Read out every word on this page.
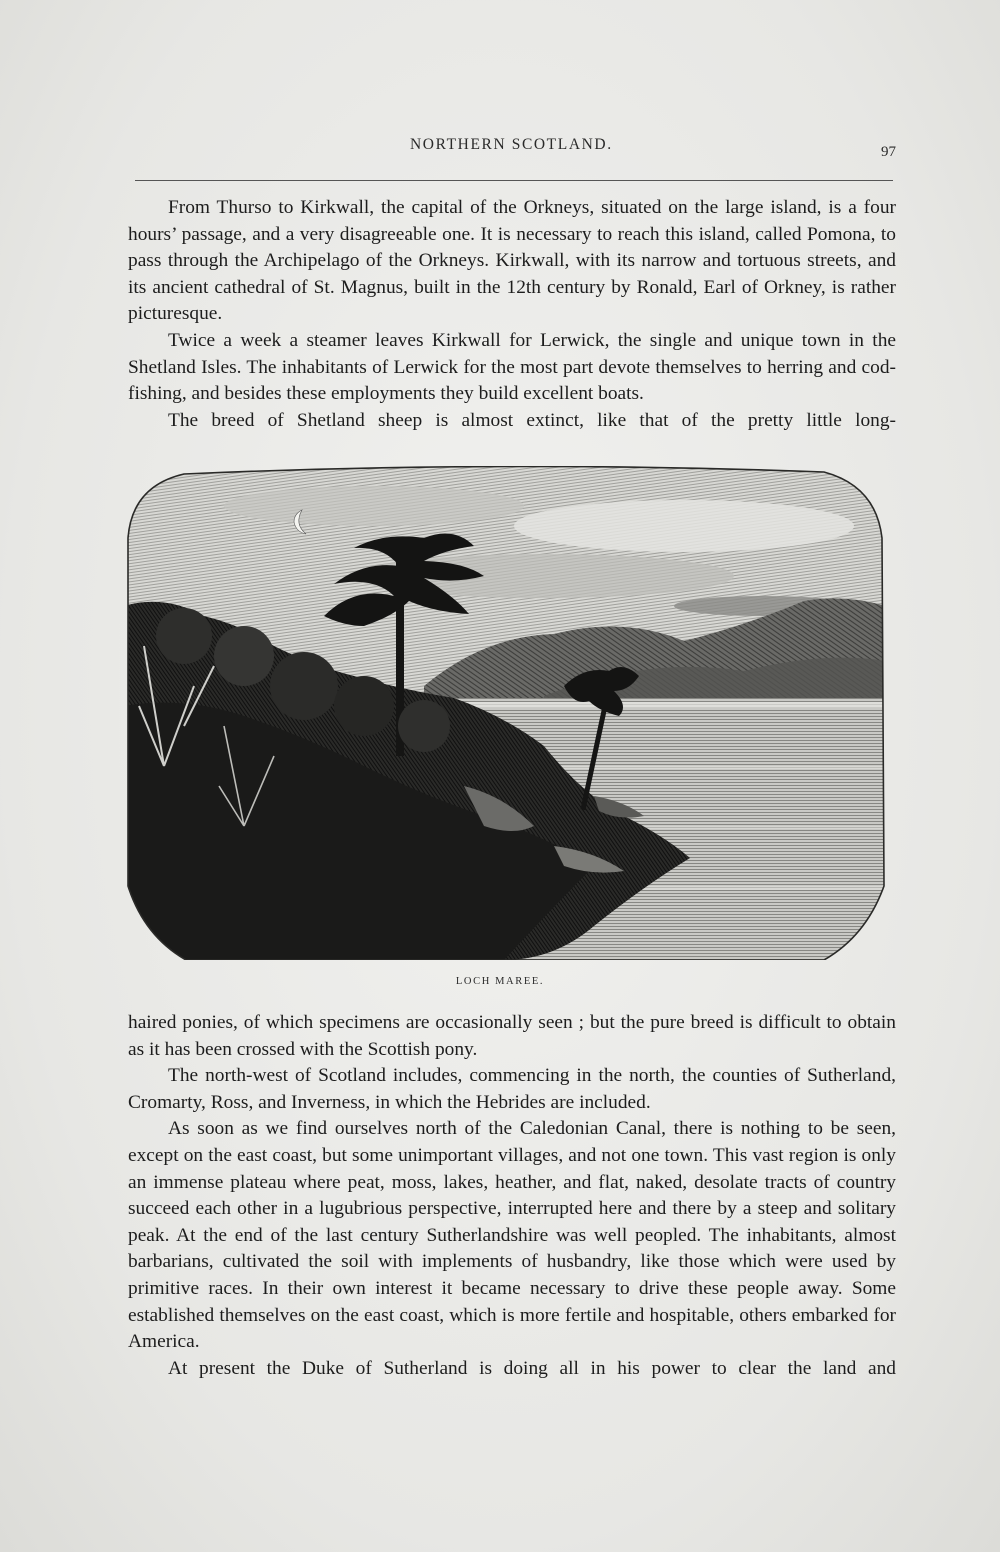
NORTHERN SCOTLAND.	97

From Thurso to Kirkwall, the capital of the Orkneys, situated on the large island, is a four hours’ passage, and a very disagreeable one. It is necessary to reach this island, called Pomona, to pass through the Archipelago of the Orkneys. Kirkwall, with its narrow and tortuous streets, and its ancient cathedral of St. Magnus, built in the 12th century by Ronald, Earl of Orkney, is rather picturesque.

Twice a week a steamer leaves Kirkwall for Lerwick, the single and unique town in the Shetland Isles. The inhabitants of Lerwick for the most part devote themselves to herring and cod-fishing, and besides these employments they build excellent boats.

The breed of Shetland sheep is almost extinct, like that of the pretty little long-

LOCH MAREE.

haired ponies, of which specimens are occasionally seen ; but the pure breed is difficult to obtain as it has been crossed with the Scottish pony.

The north-west of Scotland includes, commencing in the north, the counties of Sutherland, Cromarty, Ross, and Inverness, in which the Hebrides are included.

As soon as we find ourselves north of the Caledonian Canal, there is nothing to be seen, except on the east coast, but some unimportant villages, and not one town. This vast region is only an immense plateau where peat, moss, lakes, heather, and flat, naked, desolate tracts of country succeed each other in a lugubrious perspective, interrupted here and there by a steep and solitary peak. At the end of the last century Sutherlandshire was well peopled. The inhabitants, almost barbarians, cultivated the soil with implements of husbandry, like those which were used by primitive races. In their own interest it became necessary to drive these people away. Some established themselves on the east coast, which is more fertile and hospitable, others embarked for America.

At present the Duke of Sutherland is doing all in his power to clear the land and
